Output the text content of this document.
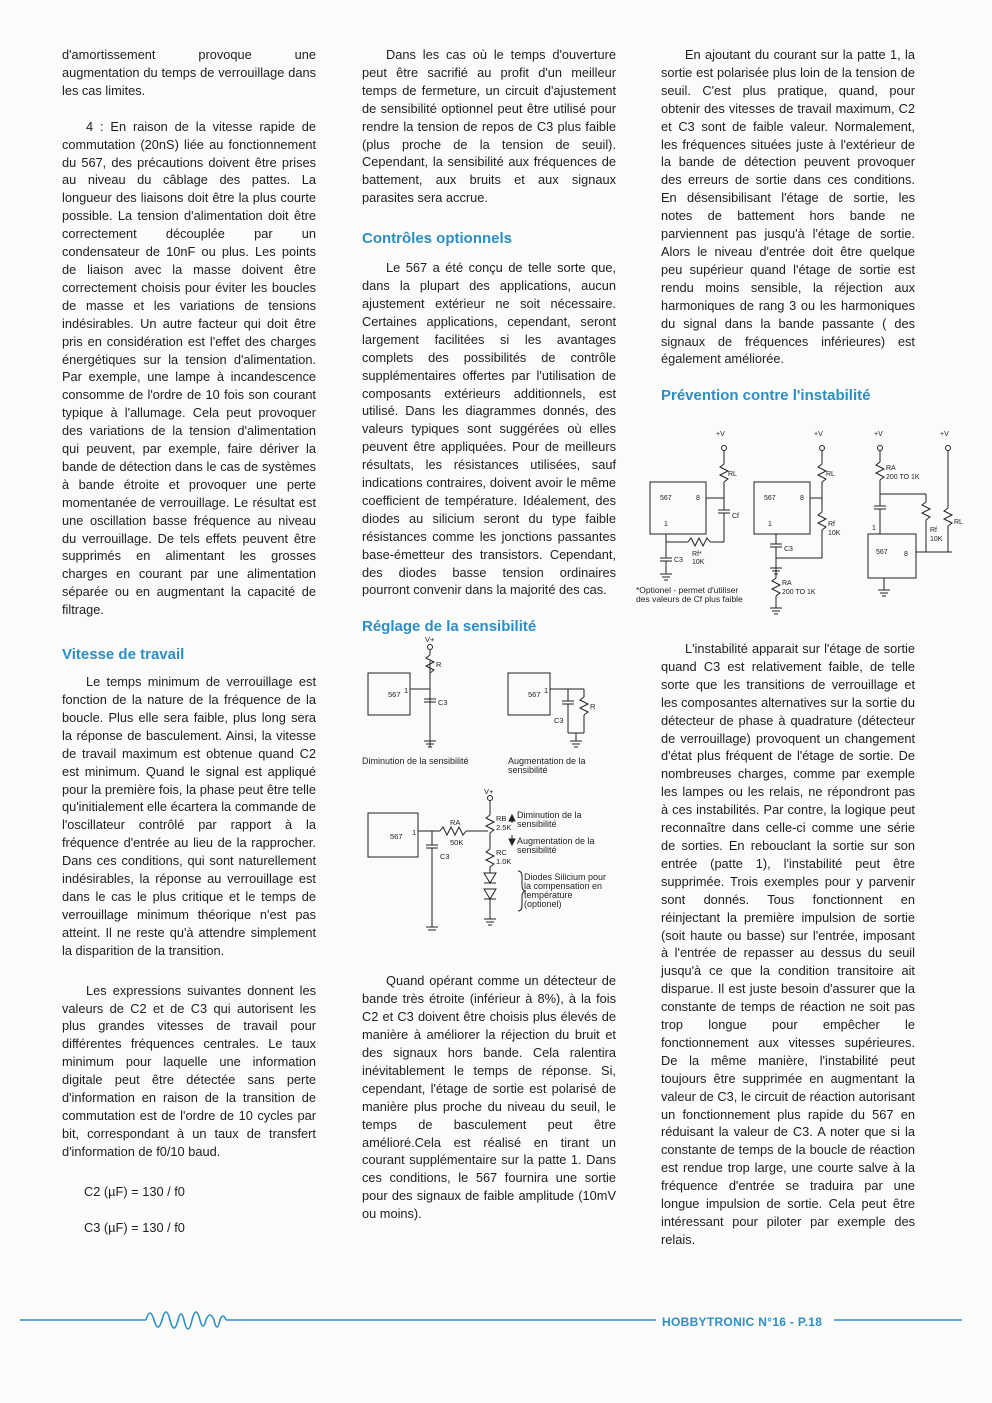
d'amortissement provoque une augmentation du temps de verrouillage dans les cas limites.

4 : En raison de la vitesse rapide de commutation (20nS) liée au fonctionnement du 567, des précautions doivent être prises au niveau du câblage des pattes. La longueur des liaisons doit être la plus courte possible. La tension d'alimentation doit être correctement découplée par un condensateur de 10nF ou plus. Les points de liaison avec la masse doivent être correctement choisis pour éviter les boucles de masse et les variations de tensions indésirables. Un autre facteur qui doit être pris en considération est l'effet des charges énergétiques sur la tension d'alimentation. Par exemple, une lampe à incandescence consomme de l'ordre de 10 fois son courant typique à l'allumage. Cela peut provoquer des variations de la tension d'alimentation qui peuvent, par exemple, faire dériver la bande de détection dans le cas de systèmes à bande étroite et provoquer une perte momentanée de verrouillage. Le résultat est une oscillation basse fréquence au niveau du verrouillage. De tels effets peuvent être supprimés en alimentant les grosses charges en courant par une alimentation séparée ou en augmentant la capacité de filtrage.

Vitesse de travail

Le temps minimum de verrouillage est fonction de la nature de la fréquence de la boucle. Plus elle sera faible, plus long sera la réponse de basculement. Ainsi, la vitesse de travail maximum est obtenue quand C2 est minimum. Quand le signal est appliqué pour la première fois, la phase peut être telle qu'initialement elle écartera la commande de l'oscillateur contrôlé par rapport à la fréquence d'entrée au lieu de la rapprocher. Dans ces conditions, qui sont naturellement indésirables, la réponse au verrouillage est dans le cas le plus critique et le temps de verrouillage minimum théorique n'est pas atteint. Il ne reste qu'à attendre simplement la disparition de la transition.

Les expressions suivantes donnent les valeurs de C2 et de C3 qui autorisent les plus grandes vitesses de travail pour différentes fréquences centrales. Le taux minimum pour laquelle une information digitale peut être détectée sans perte d'information en raison de la transition de commutation est de l'ordre de 10 cycles par bit, correspondant à un taux de transfert d'information de f0/10 baud.

C2 (µF) = 130 / f0
C3 (µF) = 130 / f0

Dans les cas où le temps d'ouverture peut être sacrifié au profit d'un meilleur temps de fermeture, un circuit d'ajustement de sensibilité optionnel peut être utilisé pour rendre la tension de repos de C3 plus faible (plus proche de la tension de seuil). Cependant, la sensibilité aux fréquences de battement, aux bruits et aux signaux parasites sera accrue.

Contrôles optionnels

Le 567 a été conçu de telle sorte que, dans la plupart des applications, aucun ajustement extérieur ne soit nécessaire. Certaines applications, cependant, seront largement facilitées si les avantages complets des possibilités de contrôle supplémentaires offertes par l'utilisation de composants extérieurs additionnels, est utilisé. Dans les diagrammes donnés, des valeurs typiques sont suggérées où elles peuvent être appliquées. Pour de meilleurs résultats, les résistances utilisées, sauf indications contraires, doivent avoir le même coefficient de température. Idéalement, des diodes au silicium seront du type faible résistances comme les jonctions passantes base-émetteur des transistors. Cependant, des diodes basse tension ordinaires pourront convenir dans la majorité des cas.

Réglage de la sensibilité
567 1
V+
R
C3
567 1
C3
R
567 1
C3
RA
50K
V+
RB
2.5K
RC
1.0K
Diminution de la sensibilité	Augmentation de la sensibilité
Diminution de la sensibilité
Augmentation de la sensibilité
Diodes Silicium pour la compensation en température (optionel)

Quand opérant comme un détecteur de bande très étroite (inférieur à 8%), à la fois C2 et C3 doivent être choisis plus élevés de manière à améliorer la réjection du bruit et des signaux hors bande. Cela ralentira inévitablement le temps de réponse. Si, cependant, l'étage de sortie est polarisé de manière plus proche du niveau du seuil, le temps de basculement peut être amélioré.Cela est réalisé en tirant un courant supplémentaire sur la patte 1. Dans ces conditions, le 567 fournira une sortie pour des signaux de faible amplitude (10mV ou moins).

En ajoutant du courant sur la patte 1, la sortie est polarisée plus loin de la tension de seuil. C'est plus pratique, quand, pour obtenir des vitesses de travail maximum, C2 et C3 sont de faible valeur. Normalement, les fréquences situées juste à l'extérieur de la bande de détection peuvent provoquer des erreurs de sortie dans ces conditions. En désensibilisant l'étage de sortie, les notes de battement hors bande ne parviennent pas jusqu'à l'étage de sortie. Alors le niveau d'entrée doit être quelque peu supérieur quand l'étage de sortie est rendu moins sensible, la réjection aux harmoniques de rang 3 ou les harmoniques du signal dans la bande passante ( des signaux de fréquences inférieures) est également améliorée.

Prévention contre l'instabilité
+V
RL
567	8
1
Cf
Rf*
C3 10K
+V
RL
567	8
1	Rf
10K
C3
RA
200 TO 1K
+V
RA
200 TO 1K
567 8
1	Rf
10K
+V
RL
*Optionel - permet d'utiliser des valeurs de Cf plus faible

L'instabilité apparait sur l'étage de sortie quand C3 est relativement faible, de telle sorte que les transitions de verrouillage et les composantes alternatives sur la sortie du détecteur de phase à quadrature (détecteur de verrouillage) provoquent un changement d'état plus fréquent de l'étage de sortie. De nombreuses charges, comme par exemple les lampes ou les relais, ne répondront pas à ces instabilités. Par contre, la logique peut reconnaître dans celle-ci comme une série de sorties. En rebouclant la sortie sur son entrée (patte 1), l'instabilité peut être supprimée. Trois exemples pour y parvenir sont donnés. Tous fonctionnent en réinjectant la première impulsion de sortie (soit haute ou basse) sur l'entrée, imposant à l'entrée de repasser au dessus du seuil jusqu'à ce que la condition transitoire ait disparue. Il est juste besoin d'assurer que la constante de temps de réaction ne soit pas trop longue pour empêcher le fonctionnement aux vitesses supérieures. De la même manière, l'instabilité peut toujours être supprimée en augmentant la valeur de C3, le circuit de réaction autorisant un fonctionnement plus rapide du 567 en réduisant la valeur de C3. A noter que si la constante de temps de la boucle de réaction est rendue trop large, une courte salve à la fréquence d'entrée se traduira par une longue impulsion de sortie. Cela peut être intéressant pour piloter par exemple des relais.

HOBBYTRONIC N°16 - P.18
